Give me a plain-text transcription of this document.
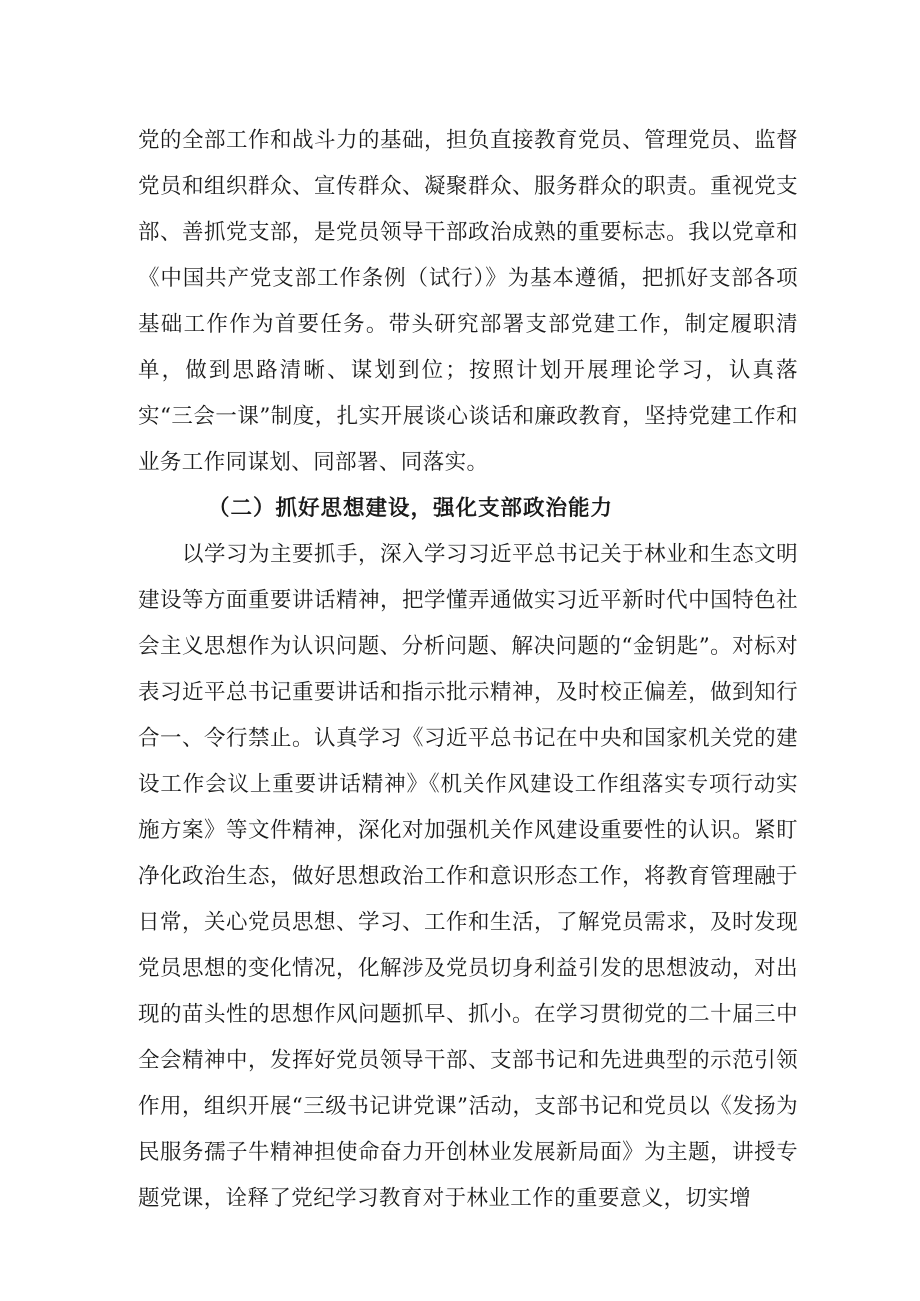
党的全部工作和战斗力的基础，担负直接教育党员、管理党员、监督党员和组织群众、宣传群众、凝聚群众、服务群众的职责。重视党支部、善抓党支部，是党员领导干部政治成熟的重要标志。我以党章和《中国共产党支部工作条例（试行）》为基本遵循，把抓好支部各项基础工作作为首要任务。带头研究部署支部党建工作，制定履职清单，做到思路清晰、谋划到位；按照计划开展理论学习，认真落实“三会一课”制度，扎实开展谈心谈话和廉政教育，坚持党建工作和业务工作同谋划、同部署、同落实。

（二）抓好思想建设，强化支部政治能力

以学习为主要抓手，深入学习习近平总书记关于林业和生态文明建设等方面重要讲话精神，把学懂弄通做实习近平新时代中国特色社会主义思想作为认识问题、分析问题、解决问题的“金钥匙”。对标对表习近平总书记重要讲话和指示批示精神，及时校正偏差，做到知行合一、令行禁止。认真学习《习近平总书记在中央和国家机关党的建设工作会议上重要讲话精神》《机关作风建设工作组落实专项行动实施方案》等文件精神，深化对加强机关作风建设重要性的认识。紧盯净化政治生态，做好思想政治工作和意识形态工作，将教育管理融于日常，关心党员思想、学习、工作和生活，了解党员需求，及时发现党员思想的变化情况，化解涉及党员切身利益引发的思想波动，对出现的苗头性的思想作风问题抓早、抓小。在学习贯彻党的二十届三中全会精神中，发挥好党员领导干部、支部书记和先进典型的示范引领作用，组织开展“三级书记讲党课”活动，支部书记和党员以《发扬为民服务孺子牛精神担使命奋力开创林业发展新局面》为主题，讲授专题党课，诠释了党纪学习教育对于林业工作的重要意义，切实增
